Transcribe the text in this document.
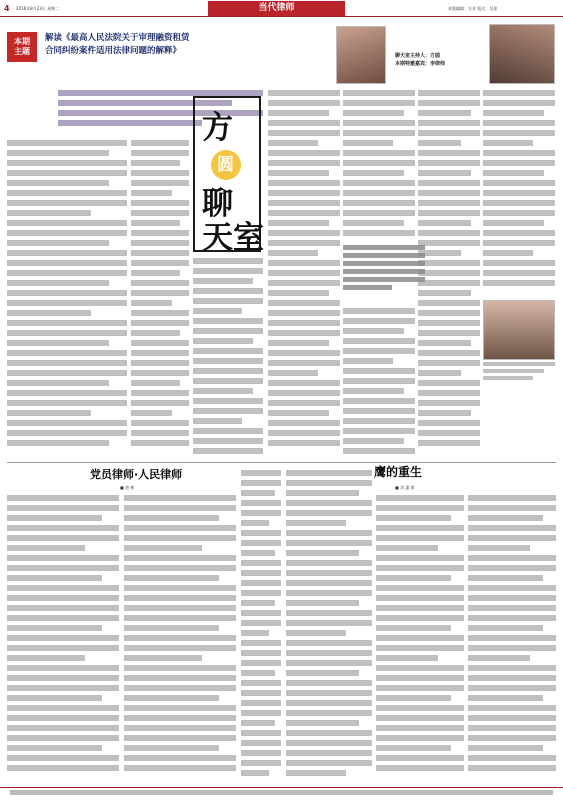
4 2016年8月23日 星期二	当代律师	本版编辑：方芳 版式：吴琼
本期
主题
解读《最高人民法院关于审理融资租赁
合同纠纷案件适用法律问题的解释》	聊天室主持人：方圆
本期特邀嘉宾：李律师
方
圆
聊
天室
党员律师·人民律师
■ 唐 彬
鹰的重生
■ 刘 惠 群
